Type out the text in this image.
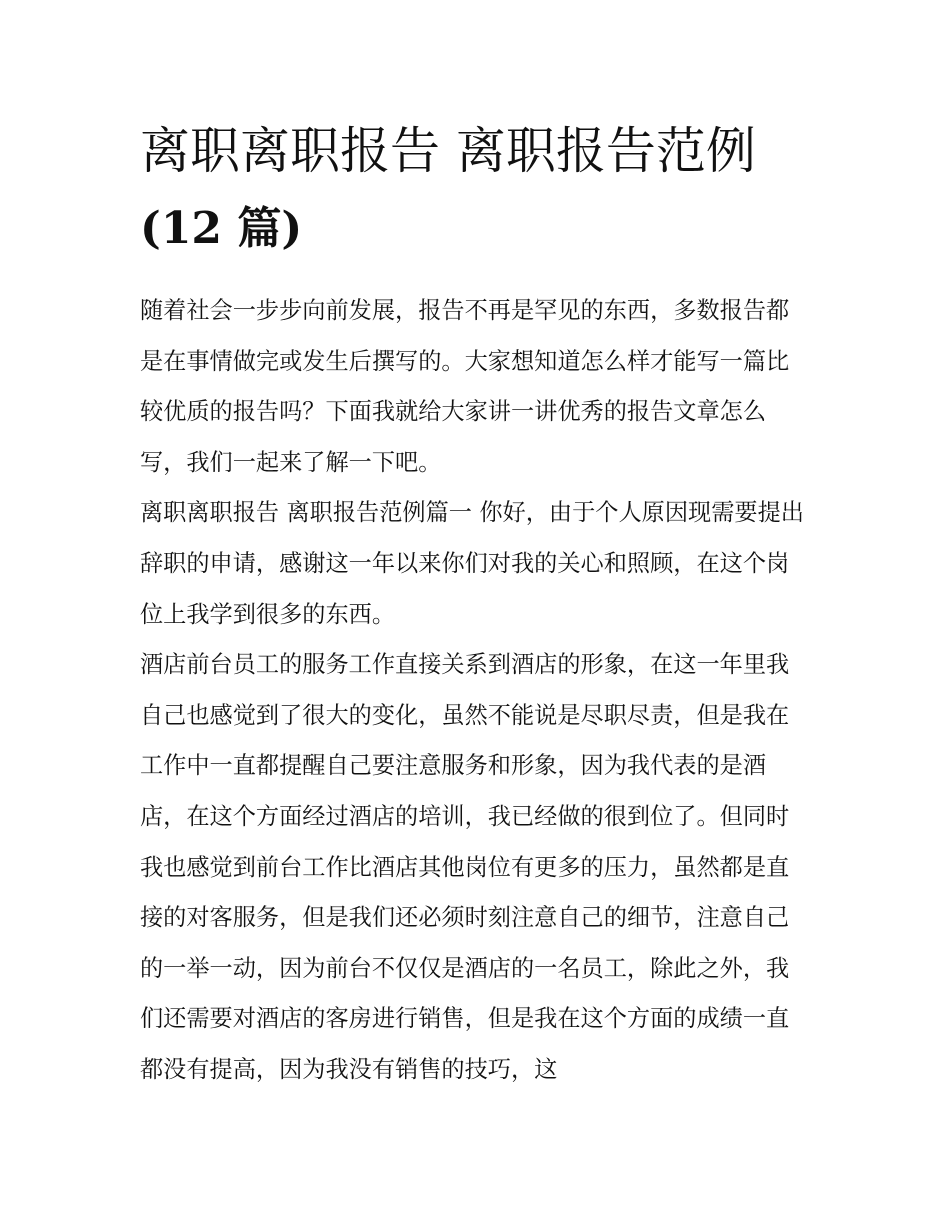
离职离职报告 离职报告范例
(12 篇)

随着社会一步步向前发展，报告不再是罕见的东西，多数报告都是在事情做完或发生后撰写的。大家想知道怎么样才能写一篇比较优质的报告吗？下面我就给大家讲一讲优秀的报告文章怎么写，我们一起来了解一下吧。

离职离职报告 离职报告范例篇一 你好，由于个人原因现需要提出辞职的申请，感谢这一年以来你们对我的关心和照顾，在这个岗位上我学到很多的东西。

酒店前台员工的服务工作直接关系到酒店的形象，在这一年里我自己也感觉到了很大的变化，虽然不能说是尽职尽责，但是我在工作中一直都提醒自己要注意服务和形象，因为我代表的是酒店，在这个方面经过酒店的培训，我已经做的很到位了。但同时我也感觉到前台工作比酒店其他岗位有更多的压力，虽然都是直接的对客服务，但是我们还必须时刻注意自己的细节，注意自己的一举一动，因为前台不仅仅是酒店的一名员工，除此之外，我们还需要对酒店的客房进行销售，但是我在这个方面的成绩一直都没有提高，因为我没有销售的技巧，这
